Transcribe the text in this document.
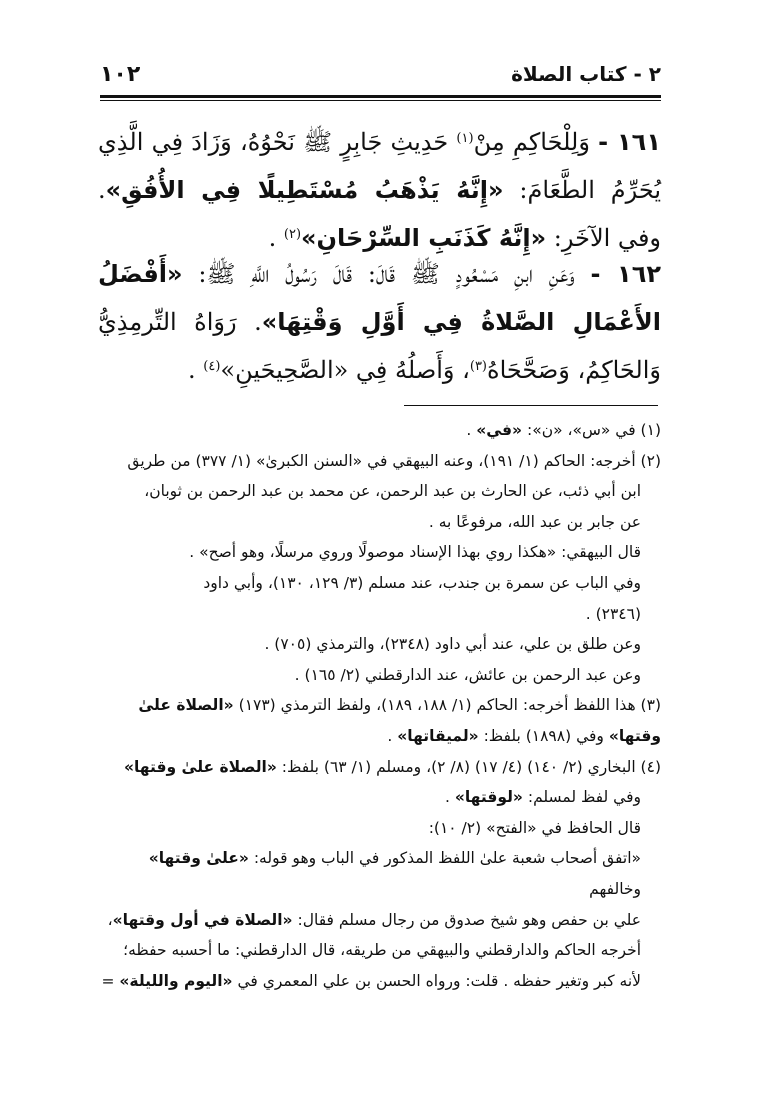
٢ - كتاب الصلاة
١٠٢
١٦١ - وَلِلْحَاكِمِ مِنْ$^{(١)}$ حَدِيثِ جَابِرٍ ﷺ نَحْوُهُ، وَزَادَ فِي الَّذِي يُحَرِّمُ الطَّعَامَ: «إِنَّهُ يَذْهَبُ مُسْتَطِيلًا فِي الأُفُقِ». وفي الآخَرِ: «إِنَّهُ كَذَنَبِ السِّرْحَانِ»$^{(٢)}$ .
١٦٢ - وَعَنِ ابنِ مَسْعُودٍ ﷺ قَالَ: قَالَ رَسُولُ اللَّهِ ﷺ: «أَفْضَلُ الأَعْمَالِ الصَّلاةُ فِي أَوَّلِ وَقْتِهَا». رَوَاهُ التِّرمِذِيُّ وَالحَاكِمُ، وَصَحَّحَاهُ$^{(٣)}$، وَأَصلُهُ فِي «الصَّحِيحَينِ»$^{(٤)}$ .

(١) في «س»، «ن»: «في» .

(٢) أخرجه: الحاكم (١/ ١٩١)، وعنه البيهقي في «السنن الكبرىٰ» (١/ ٣٧٧) من طريق

ابن أبي ذئب، عن الحارث بن عبد الرحمن، عن محمد بن عبد الرحمن بن ثوبان،

عن جابر بن عبد الله، مرفوعًا به .

قال البيهقي: «هكذا روي بهذا الإسناد موصولًا وروي مرسلًا، وهو أصح» .

وفي الباب عن سمرة بن جندب، عند مسلم (٣/ ١٢٩، ١٣٠)، وأبي داود

(٢٣٤٦) .

وعن طلق بن علي، عند أبي داود (٢٣٤٨)، والترمذي (٧٠٥) .

وعن عبد الرحمن بن عائش، عند الدارقطني (٢/ ١٦٥) .

(٣) هذا اللفظ أخرجه: الحاكم (١/ ١٨٨، ١٨٩)، ولفظ الترمذي (١٧٣) «الصلاة علىٰ وقتها» وفي (١٨٩٨) بلفظ: «لميقاتها» .

(٤) البخاري (٢/ ١٤٠) (٤/ ١٧) (٨/ ٢)، ومسلم (١/ ٦٣) بلفظ: «الصلاة علىٰ وقتها»

وفي لفظ لمسلم: «لوقتها» .

قال الحافظ في «الفتح» (٢/ ١٠):

«اتفق أصحاب شعبة علىٰ اللفظ المذكور في الباب وهو قوله: «علىٰ وقتها» وخالفهم

علي بن حفص وهو شيخ صدوق من رجال مسلم فقال: «الصلاة في أول وقتها»،

أخرجه الحاكم والدارقطني والبيهقي من طريقه، قال الدارقطني: ما أحسبه حفظه؛

لأنه كبر وتغير حفظه . قلت: ورواه الحسن بن علي المعمري في «اليوم والليلة» =
